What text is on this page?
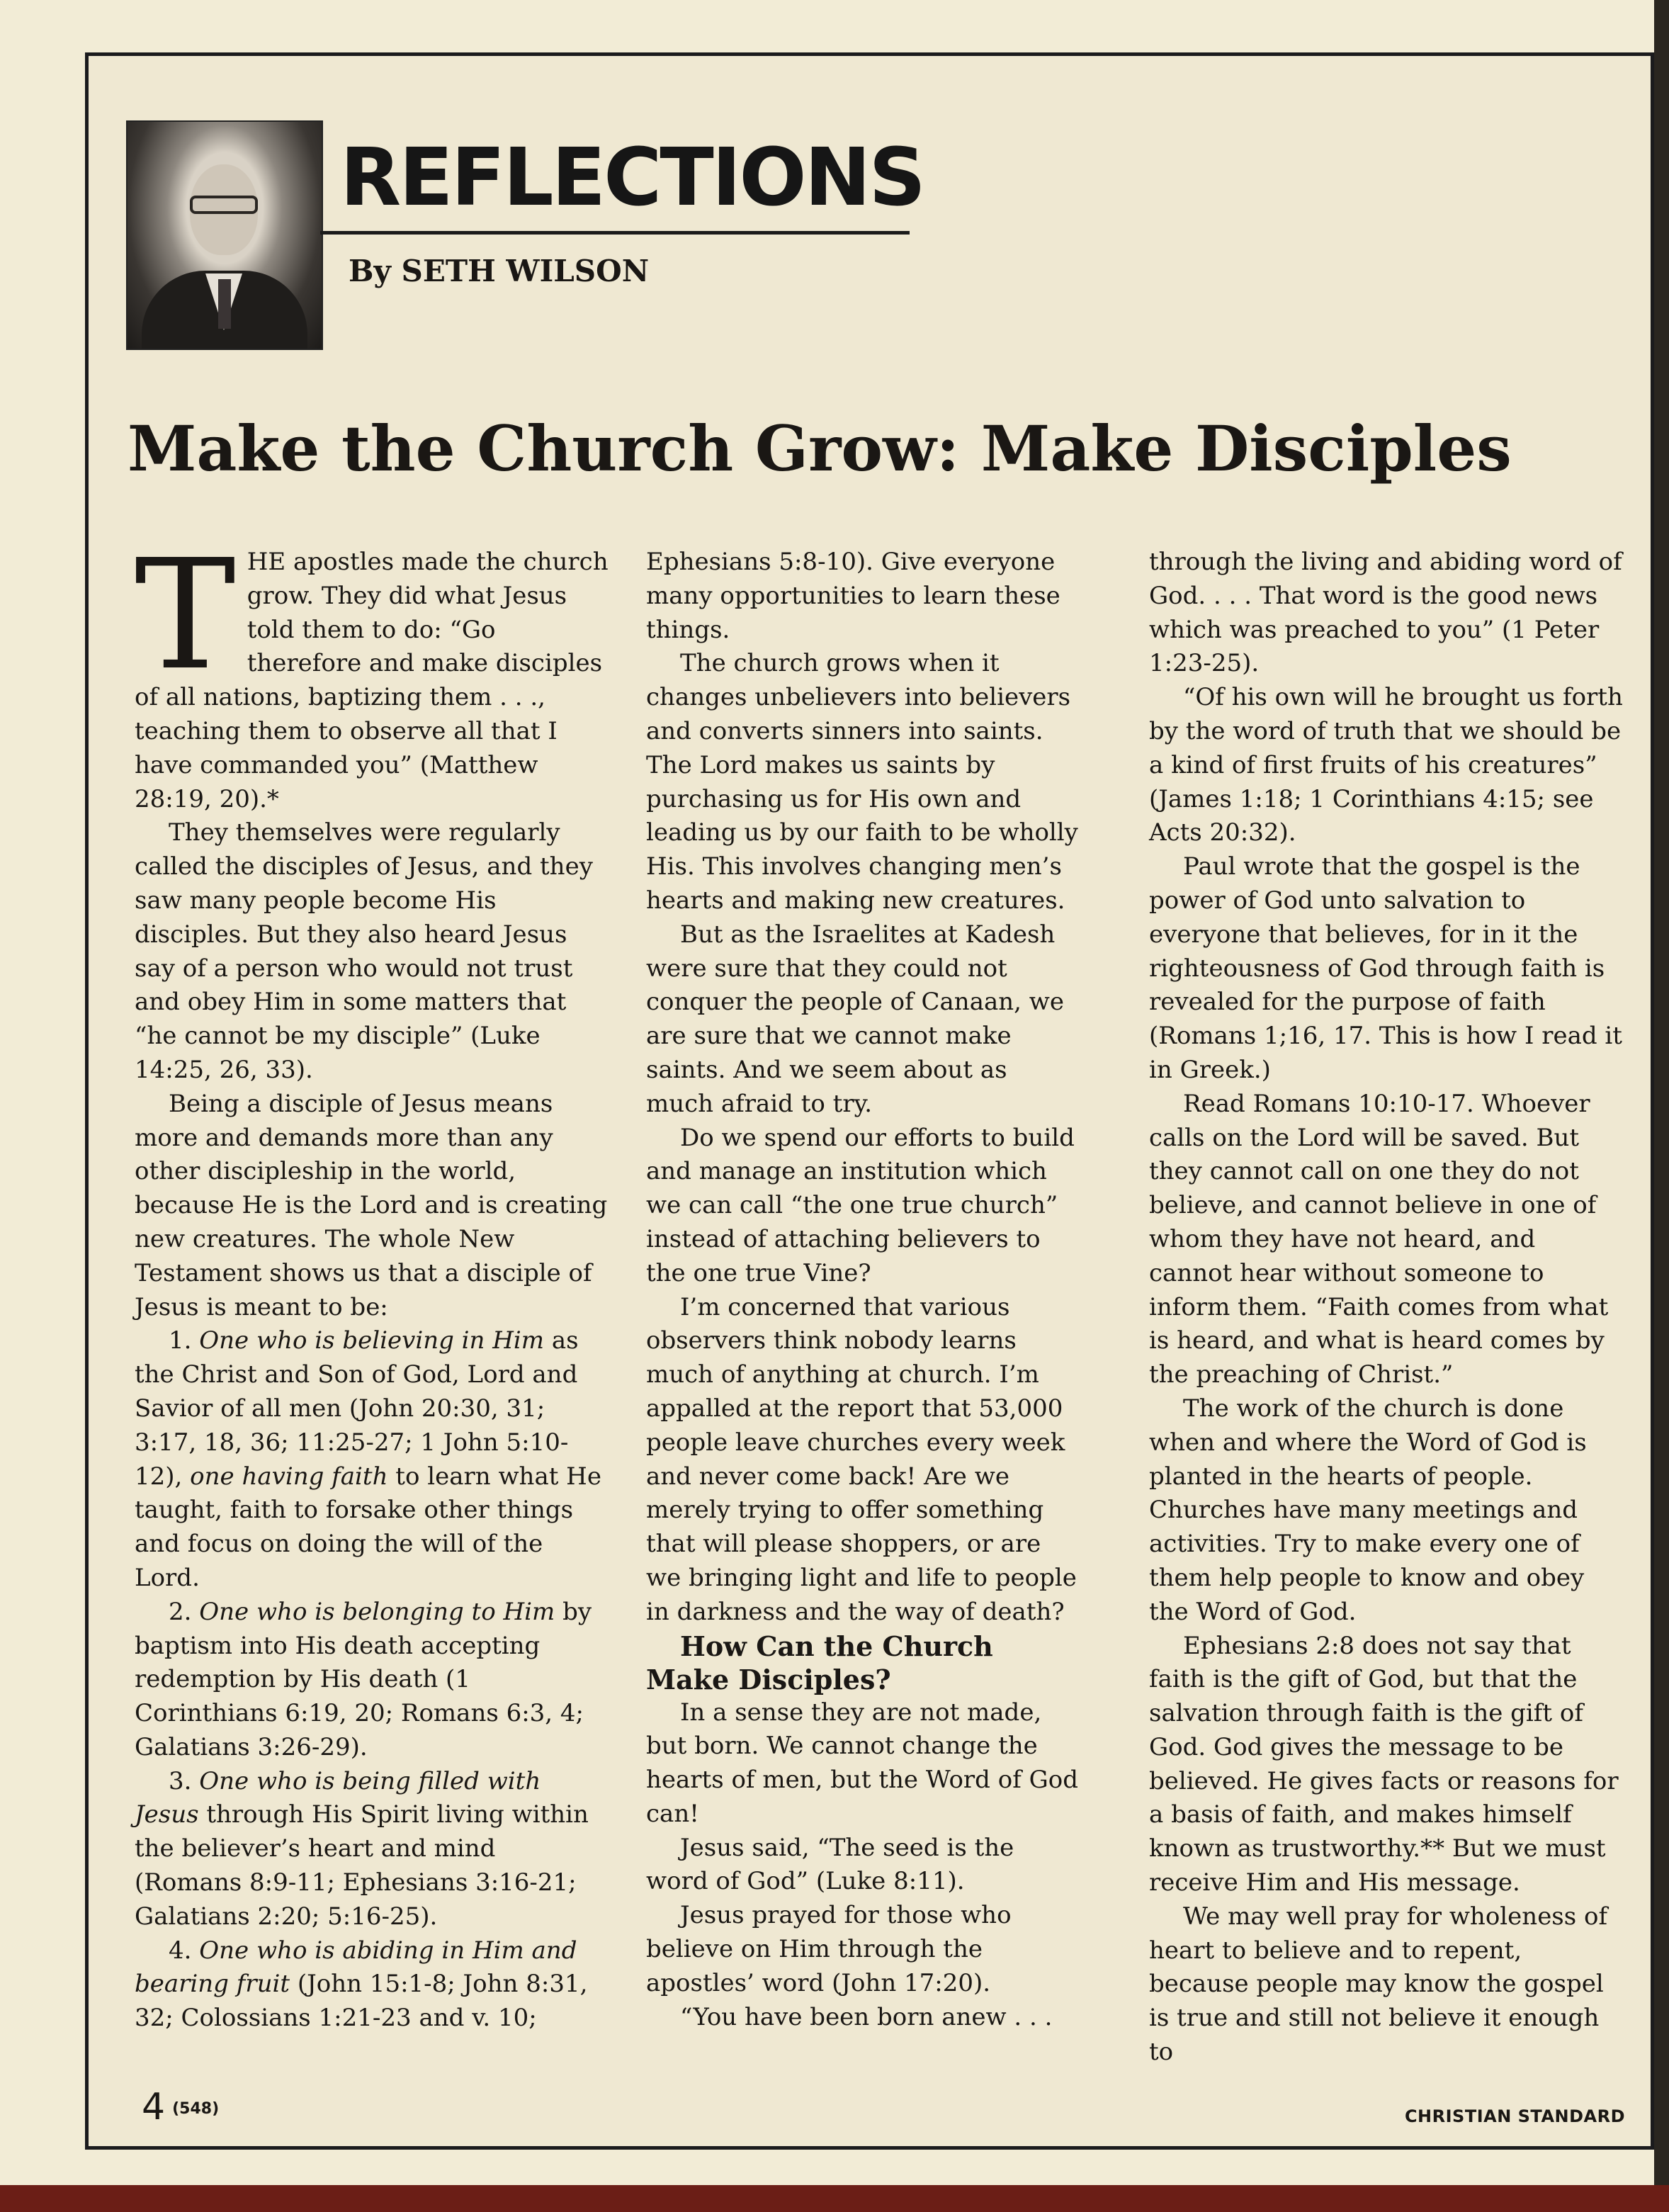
REFLECTIONS
By SETH WILSON
Make the Church Grow: Make Disciples

THE apostles made the church grow. They did what Jesus told them to do: “Go therefore and make disciples of all nations, baptizing them . . ., teaching them to observe all that I have commanded you” (Matthew 28:19, 20).*

They themselves were regularly called the disciples of Jesus, and they saw many people become His disciples. But they also heard Jesus say of a person who would not trust and obey Him in some matters that “he cannot be my disciple” (Luke 14:25, 26, 33).

Being a disciple of Jesus means more and demands more than any other discipleship in the world, because He is the Lord and is creating new creatures. The whole New Testament shows us that a disciple of Jesus is meant to be:

1. One who is believing in Him as the Christ and Son of God, Lord and Savior of all men (John 20:30, 31; 3:17, 18, 36; 11:25-27; 1 John 5:10-12), one having faith to learn what He taught, faith to forsake other things and focus on doing the will of the Lord.

2. One who is belonging to Him by baptism into His death accepting redemption by His death (1 Corinthians 6:19, 20; Romans 6:3, 4; Galatians 3:26-29).

3. One who is being filled with Jesus through His Spirit living within the believer’s heart and mind (Romans 8:9-11; Ephesians 3:16-21; Galatians 2:20; 5:16-25).

4. One who is abiding in Him and bearing fruit (John 15:1-8; John 8:31, 32; Colossians 1:21-23 and v. 10;

Ephesians 5:8-10). Give everyone many opportunities to learn these things.

The church grows when it changes unbelievers into believers and converts sinners into saints. The Lord makes us saints by purchasing us for His own and leading us by our faith to be wholly His. This involves changing men’s hearts and making new creatures.

But as the Israelites at Kadesh were sure that they could not conquer the people of Canaan, we are sure that we cannot make saints. And we seem about as much afraid to try.

Do we spend our efforts to build and manage an institution which we can call “the one true church” instead of attaching believers to the one true Vine?

I’m concerned that various observers think nobody learns much of anything at church. I’m appalled at the report that 53,000 people leave churches every week and never come back! Are we merely trying to offer something that will please shoppers, or are we bringing light and life to people in darkness and the way of death?

How Can the Church Make Disciples?

In a sense they are not made, but born. We cannot change the hearts of men, but the Word of God can!

Jesus said, “The seed is the word of God” (Luke 8:11).

Jesus prayed for those who believe on Him through the apostles’ word (John 17:20).

“You have been born anew . . .

through the living and abiding word of God. . . . That word is the good news which was preached to you” (1 Peter 1:23-25).

“Of his own will he brought us forth by the word of truth that we should be a kind of first fruits of his creatures” (James 1:18; 1 Corinthians 4:15; see Acts 20:32).

Paul wrote that the gospel is the power of God unto salvation to everyone that believes, for in it the righteousness of God through faith is revealed for the purpose of faith (Romans 1;16, 17. This is how I read it in Greek.)

Read Romans 10:10-17. Whoever calls on the Lord will be saved. But they cannot call on one they do not believe, and cannot believe in one of whom they have not heard, and cannot hear without someone to inform them. “Faith comes from what is heard, and what is heard comes by the preaching of Christ.”

The work of the church is done when and where the Word of God is planted in the hearts of people. Churches have many meetings and activities. Try to make every one of them help people to know and obey the Word of God.

Ephesians 2:8 does not say that faith is the gift of God, but that the salvation through faith is the gift of God. God gives the message to be believed. He gives facts or reasons for a basis of faith, and makes himself known as trustworthy.** But we must receive Him and His message.

We may well pray for wholeness of heart to believe and to repent, because people may know the gospel is true and still not believe it enough to

4 (548)	CHRISTIAN STANDARD
